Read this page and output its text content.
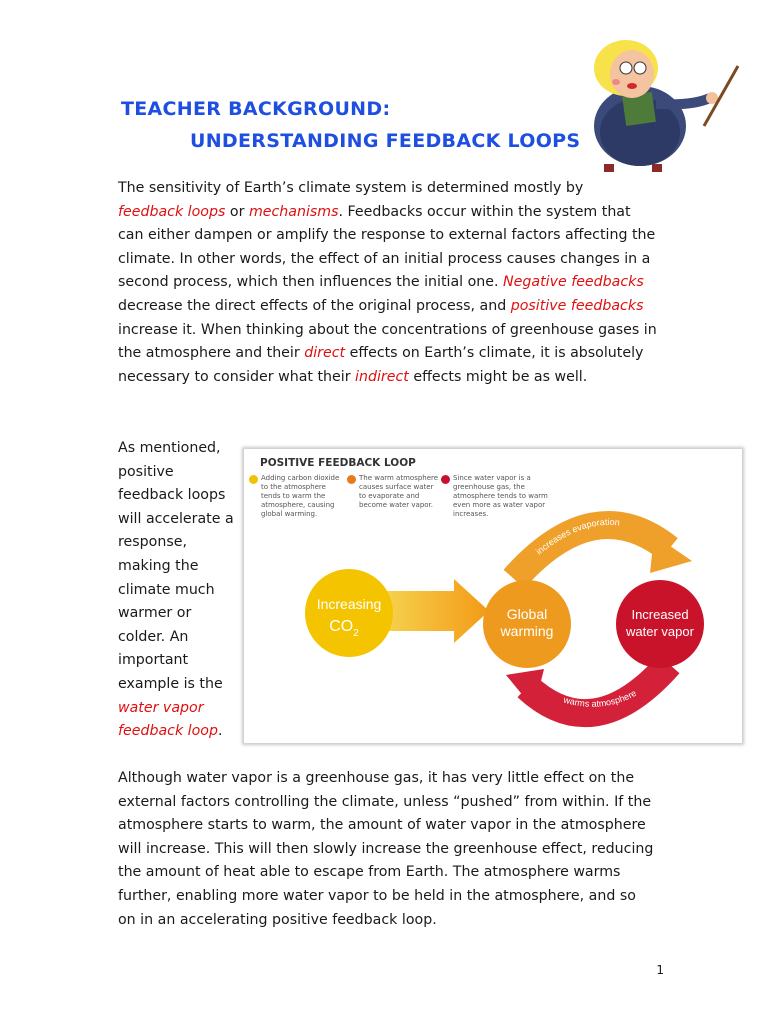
TEACHER BACKGROUND:
UNDERSTANDING FEEDBACK LOOPS

The sensitivity of Earth’s climate system is determined mostly by
feedback loops or mechanisms. Feedbacks occur within the system that can either dampen or amplify the response to external factors affecting the climate. In other words, the effect of an initial process causes changes in a second process, which then influences the initial one. Negative feedbacks decrease the direct effects of the original process, and positive feedbacks increase it. When thinking about the concentrations of greenhouse gases in the atmosphere and their direct effects on Earth’s climate, it is absolutely necessary to consider what their indirect effects might be as well.

As mentioned, positive feedback loops will accelerate a response, making the climate much warmer or colder. An important example is the water vapor feedback loop.

POSITIVE FEEDBACK LOOP
Adding carbon dioxide to the atmosphere tends to warm the atmosphere, causing global warming.
The warm atmosphere causes surface water to evaporate and become water vapor.
Since water vapor is a greenhouse gas, the atmosphere tends to warm even more as water vapor increases.
Increasing
$CO_2$
Global
warming
Increased
water vapor
increases evaporation
warms atmosphere

Although water vapor is a greenhouse gas, it has very little effect on the external factors controlling the climate, unless “pushed” from within. If the atmosphere starts to warm, the amount of water vapor in the atmosphere will increase. This will then slowly increase the greenhouse effect, reducing the amount of heat able to escape from Earth. The atmosphere warms further, enabling more water vapor to be held in the atmosphere, and so on in an accelerating positive feedback loop.

1
